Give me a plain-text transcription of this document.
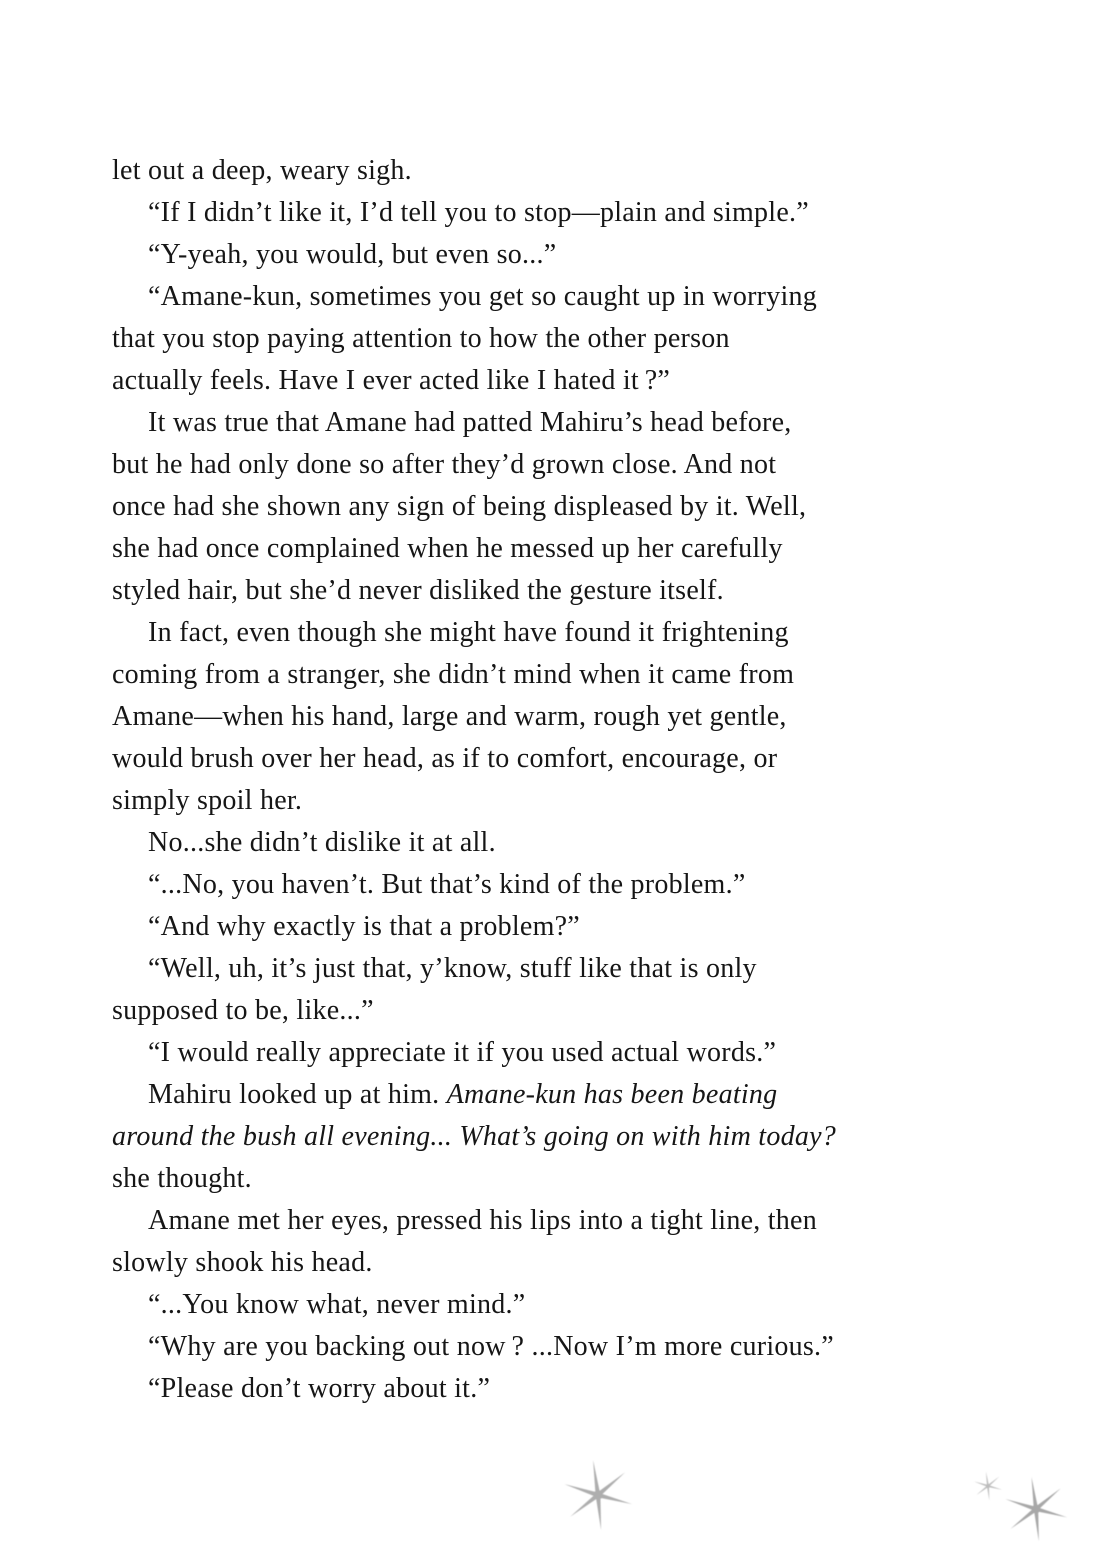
let out a deep, weary sigh.
“If I didn’t like it, I’d tell you to stop—plain and simple.”
“Y-yeah, you would, but even so...”
“Amane-kun, sometimes you get so caught up in worrying
that you stop paying attention to how the other person
actually feels. Have I ever acted like I hated it ?”
It was true that Amane had patted Mahiru’s head before,
but he had only done so after they’d grown close. And not
once had she shown any sign of being displeased by it. Well,
she had once complained when he messed up her carefully
styled hair, but she’d never disliked the gesture itself.
In fact, even though she might have found it frightening
coming from a stranger, she didn’t mind when it came from
Amane—when his hand, large and warm, rough yet gentle,
would brush over her head, as if to comfort, encourage, or
simply spoil her.
No...she didn’t dislike it at all.
“...No, you haven’t. But that’s kind of the problem.”
“And why exactly is that a problem?”
“Well, uh, it’s just that, y’know, stuff like that is only
supposed to be, like...”
“I would really appreciate it if you used actual words.”
Mahiru looked up at him. Amane-kun has been beating
around the bush all evening... What’s going on with him today?
she thought.
Amane met her eyes, pressed his lips into a tight line, then
slowly shook his head.
“...You know what, never mind.”
“Why are you backing out now ? ...Now I’m more curious.”
“Please don’t worry about it.”
